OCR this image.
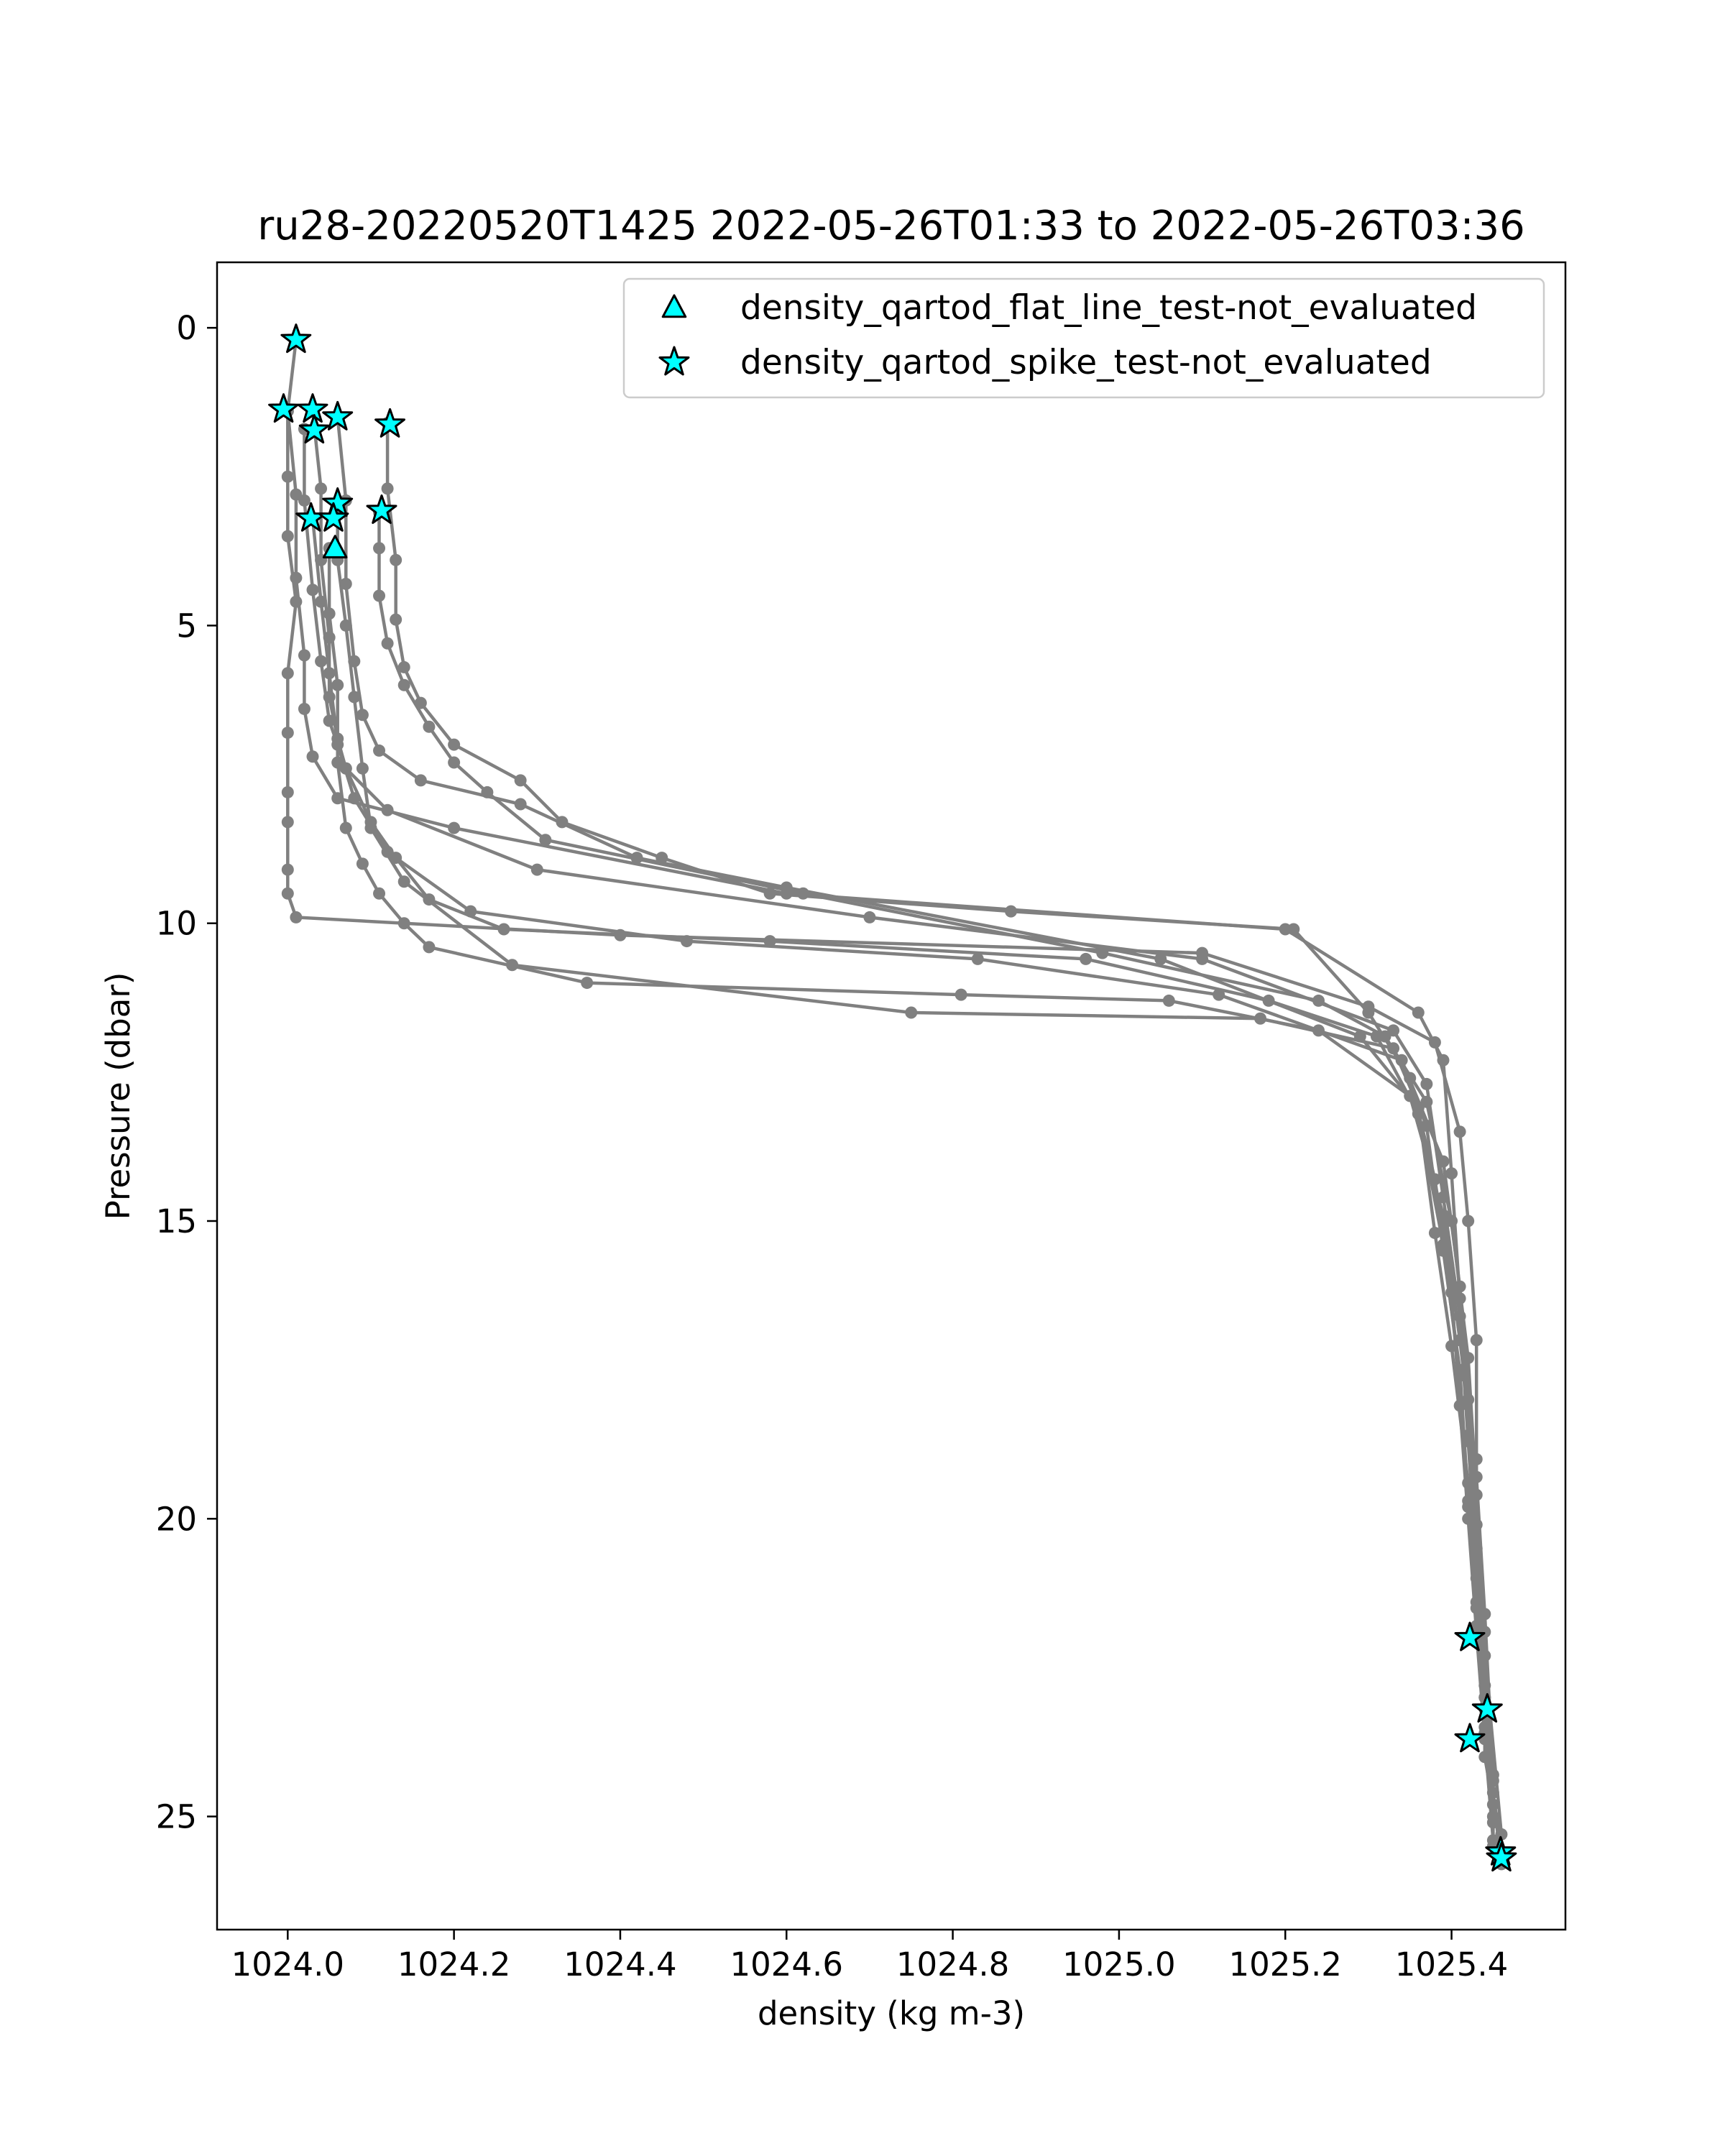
ru28-20220520T1425 2022-05-26T01:33 to 2022-05-26T03:36
1024.0 1024.2 1024.4 1024.6 1024.8 1025.0 1025.2 1025.4
0
5
10
15
20
25
density (kg m-3)
Pressure (dbar)
density_qartod_flat_line_test-not_evaluated
density_qartod_spike_test-not_evaluated
